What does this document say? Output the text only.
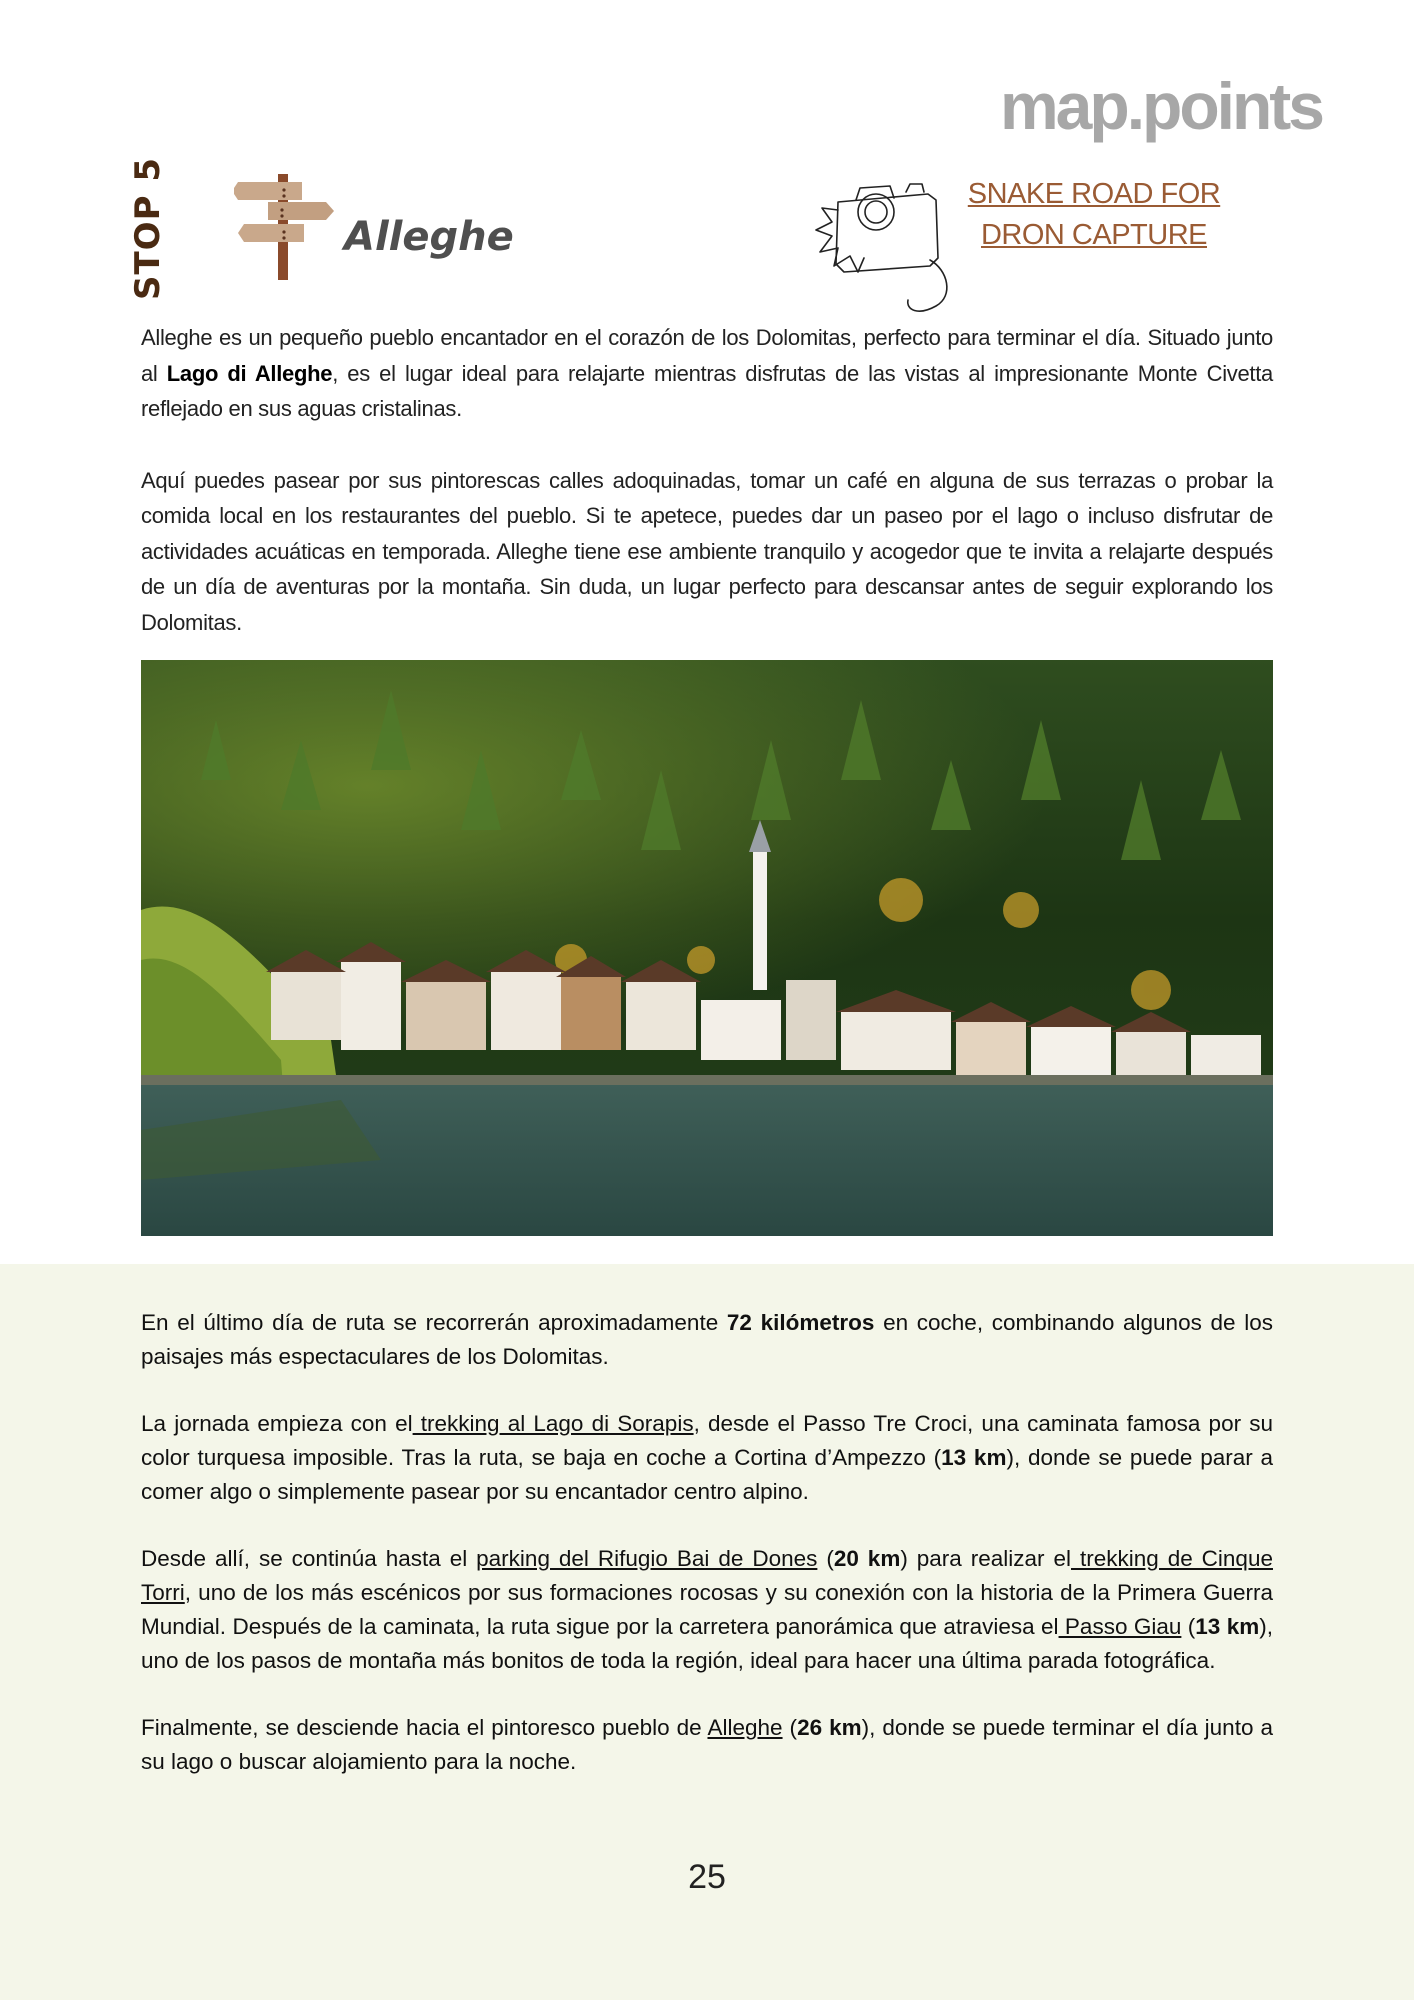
map.points
STOP 5	Alleghe
SNAKE ROAD FOR DRON CAPTURE

Alleghe es un pequeño pueblo encantador en el corazón de los Dolomitas, perfecto para terminar el día. Situado junto al Lago di Alleghe, es el lugar ideal para relajarte mientras disfrutas de las vistas al impresionante Monte Civetta reflejado en sus aguas cristalinas.

Aquí puedes pasear por sus pintorescas calles adoquinadas, tomar un café en alguna de sus terrazas o probar la comida local en los restaurantes del pueblo. Si te apetece, puedes dar un paseo por el lago o incluso disfrutar de actividades acuáticas en temporada. Alleghe tiene ese ambiente tranquilo y acogedor que te invita a relajarte después de un día de aventuras por la montaña. Sin duda, un lugar perfecto para descansar antes de seguir explorando los Dolomitas.

En el último día de ruta se recorrerán aproximadamente 72 kilómetros en coche, combinando algunos de los paisajes más espectaculares de los Dolomitas.

La jornada empieza con el trekking al Lago di Sorapis, desde el Passo Tre Croci, una caminata famosa por su color turquesa imposible. Tras la ruta, se baja en coche a Cortina d’Ampezzo (13 km), donde se puede parar a comer algo o simplemente pasear por su encantador centro alpino.

Desde allí, se continúa hasta el parking del Rifugio Bai de Dones (20 km) para realizar el trekking de Cinque Torri, uno de los más escénicos por sus formaciones rocosas y su conexión con la historia de la Primera Guerra Mundial. Después de la caminata, la ruta sigue por la carretera panorámica que atraviesa el Passo Giau (13 km), uno de los pasos de montaña más bonitos de toda la región, ideal para hacer una última parada fotográfica.

Finalmente, se desciende hacia el pintoresco pueblo de Alleghe (26 km), donde se puede terminar el día junto a su lago o buscar alojamiento para la noche.

25
